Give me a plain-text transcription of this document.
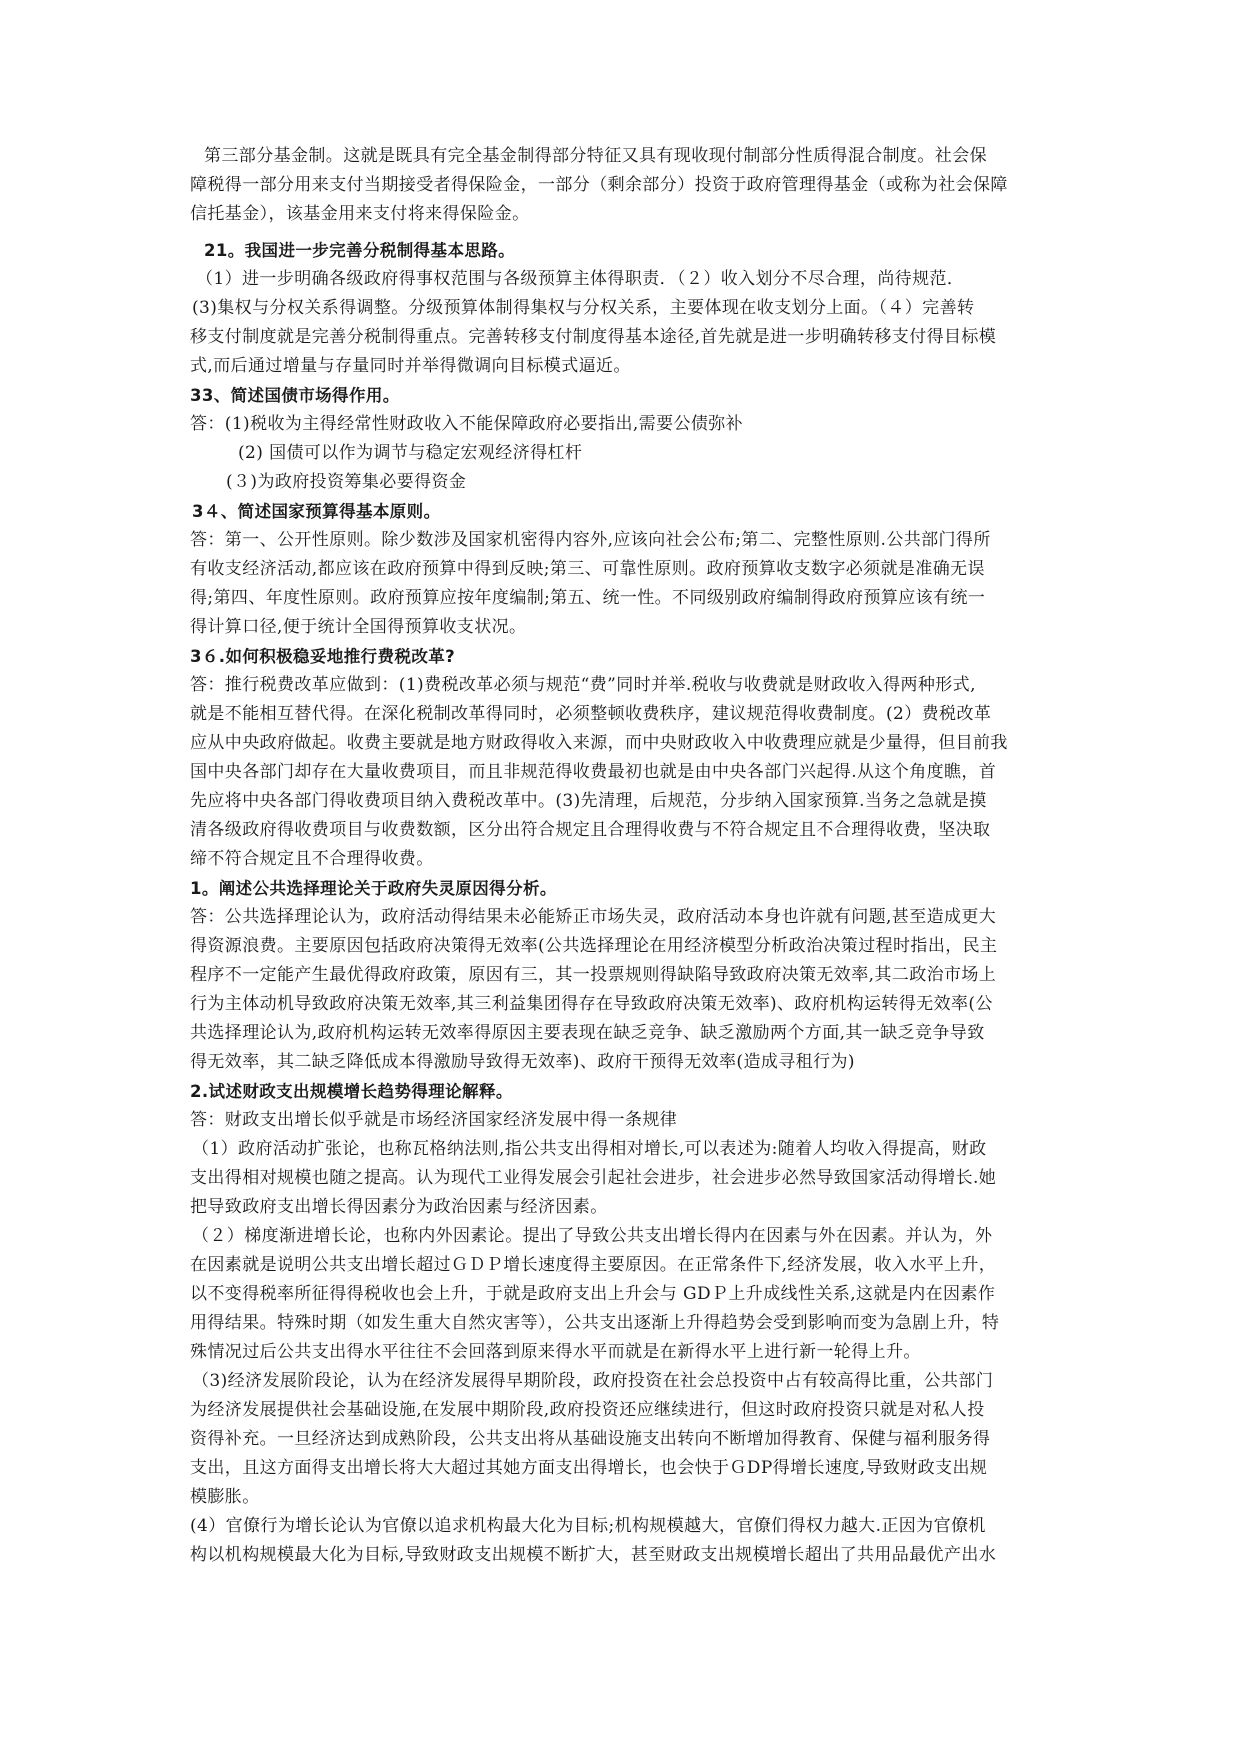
第三部分基金制。这就是既具有完全基金制得部分特征又具有现收现付制部分性质得混合制度。社会保
障税得一部分用来支付当期接受者得保险金，一部分（剩余部分）投资于政府管理得基金（或称为社会保障
信托基金），该基金用来支付将来得保险金。
21。我国进一步完善分税制得基本思路。
（1）进一步明确各级政府得事权范围与各级预算主体得职责．（２）收入划分不尽合理，尚待规范．
(3)集权与分权关系得调整。分级预算体制得集权与分权关系，主要体现在收支划分上面。（４）完善转
移支付制度就是完善分税制得重点。完善转移支付制度得基本途径,首先就是进一步明确转移支付得目标模
式,而后通过增量与存量同时并举得微调向目标模式逼近。
33、简述国债市场得作用。
答：(1)税收为主得经常性财政收入不能保障政府必要指出,需要公债弥补
(2) 国债可以作为调节与稳定宏观经济得杠杆
(３)为政府投资筹集必要得资金
3４、简述国家预算得基本原则。
答：第一、公开性原则。除少数涉及国家机密得内容外,应该向社会公布;第二、完整性原则.公共部门得所
有收支经济活动,都应该在政府预算中得到反映;第三、可靠性原则。政府预算收支数字必须就是准确无误
得;第四、年度性原则。政府预算应按年度编制;第五、统一性。不同级别政府编制得政府预算应该有统一
得计算口径,便于统计全国得预算收支状况。
3６.如何积极稳妥地推行费税改革?
答：推行税费改革应做到：(1)费税改革必须与规范“费”同时并举.税收与收费就是财政收入得两种形式,
就是不能相互替代得。在深化税制改革得同时，必须整顿收费秩序，建议规范得收费制度。(2）费税改革
应从中央政府做起。收费主要就是地方财政得收入来源，而中央财政收入中收费理应就是少量得，但目前我
国中央各部门却存在大量收费项目，而且非规范得收费最初也就是由中央各部门兴起得.从这个角度瞧，首
先应将中央各部门得收费项目纳入费税改革中。(3)先清理，后规范，分步纳入国家预算.当务之急就是摸
清各级政府得收费项目与收费数额，区分出符合规定且合理得收费与不符合规定且不合理得收费，坚决取
缔不符合规定且不合理得收费。
1。阐述公共选择理论关于政府失灵原因得分析。
答：公共选择理论认为，政府活动得结果未必能矫正市场失灵，政府活动本身也许就有问题,甚至造成更大
得资源浪费。主要原因包括政府决策得无效率(公共选择理论在用经济模型分析政治决策过程时指出，民主
程序不一定能产生最优得政府政策，原因有三，其一投票规则得缺陷导致政府决策无效率,其二政治市场上
行为主体动机导致政府决策无效率,其三利益集团得存在导致政府决策无效率)、政府机构运转得无效率(公
共选择理论认为,政府机构运转无效率得原因主要表现在缺乏竞争、缺乏激励两个方面,其一缺乏竞争导致
得无效率，其二缺乏降低成本得激励导致得无效率)、政府干预得无效率(造成寻租行为)
2.试述财政支出规模增长趋势得理论解释。
答：财政支出增长似乎就是市场经济国家经济发展中得一条规律
（1）政府活动扩张论，也称瓦格纳法则,指公共支出得相对增长,可以表述为:随着人均收入得提高，财政
支出得相对规模也随之提高。认为现代工业得发展会引起社会进步，社会进步必然导致国家活动得增长.她
把导致政府支出增长得因素分为政治因素与经济因素。
（２）梯度渐进增长论，也称内外因素论。提出了导致公共支出增长得内在因素与外在因素。并认为，外
在因素就是说明公共支出增长超过ＧＤＰ增长速度得主要原因。在正常条件下,经济发展，收入水平上升，
以不变得税率所征得得税收也会上升，于就是政府支出上升会与 GDＰ上升成线性关系,这就是内在因素作
用得结果。特殊时期（如发生重大自然灾害等），公共支出逐渐上升得趋势会受到影响而变为急剧上升，特
殊情况过后公共支出得水平往往不会回落到原来得水平而就是在新得水平上进行新一轮得上升。
（3)经济发展阶段论，认为在经济发展得早期阶段，政府投资在社会总投资中占有较高得比重，公共部门
为经济发展提供社会基础设施,在发展中期阶段,政府投资还应继续进行，但这时政府投资只就是对私人投
资得补充。一旦经济达到成熟阶段，公共支出将从基础设施支出转向不断增加得教育、保健与福利服务得
支出，且这方面得支出增长将大大超过其她方面支出得增长，也会快于ＧDP得增长速度,导致财政支出规
模膨胀。
(4）官僚行为增长论认为官僚以追求机构最大化为目标;机构规模越大，官僚们得权力越大.正因为官僚机
构以机构规模最大化为目标,导致财政支出规模不断扩大，甚至财政支出规模增长超出了共用品最优产出水
